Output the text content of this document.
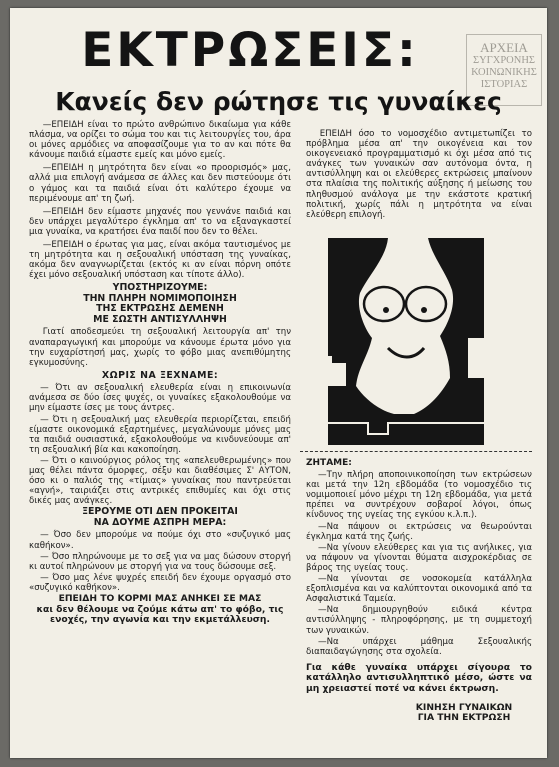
ΕΚΤΡΩΣΕΙΣ:	ΑΡΧΕΙΑ
ΣΥΓΧΡΟΝΗΣ
ΚΟΙΝΩΝΙΚΗΣ
ΙΣΤΟΡΙΑΣ
Κανείς δεν ρώτησε τις γυναίκες

—ΕΠΕΙΔΗ είναι το πρώτο ανθρώπινο δικαίωμα για κάθε πλάσμα, να ορίζει το σώμα του και τις λειτουργίες του, άρα οι μόνες αρμόδιες να αποφασίζουμε για το αν και πότε θα κάνουμε παιδιά είμαστε εμείς και μόνο εμείς.

—ΕΠΕΙΔΗ η μητρότητα δεν είναι «ο προορισμός» μας, αλλά μια επιλογή ανάμεσα σε άλλες και δεν πιστεύουμε ότι ο γάμος και τα παιδιά είναι ότι καλύτερο έχουμε να περιμένουμε απ' τη ζωή.

—ΕΠΕΙΔΗ δεν είμαστε μηχανές που γεννάνε παιδιά και δεν υπάρχει μεγαλύτερο έγκλημα απ' το να εξαναγκαστεί μια γυναίκα, να κρατήσει ένα παιδί που δεν το θέλει.

—ΕΠΕΙΔΗ ο έρωτας για μας, είναι ακόμα ταυτισμένος με τη μητρότητα και η σεξουαλική υπόσταση της γυναίκας, ακόμα δεν αναγνωρίζεται (εκτός κι αν είναι πόρνη οπότε έχει μόνο σεξουαλική υπόσταση και τίποτε άλλο).

ΥΠΟΣΤΗΡΙΖΟΥΜΕ:
ΤΗΝ ΠΛΗΡΗ ΝΟΜΙΜΟΠΟΙΗΣΗ
ΤΗΣ ΕΚΤΡΩΣΗΣ ΔΕΜΕΝΗ
ΜΕ ΣΩΣΤΗ ΑΝΤΙΣΥΛΛΗΨΗ

Γιατί αποδεσμεύει τη σεξουαλική λειτουργία απ' την αναπαραγωγική και μπορούμε να κάνουμε έρωτα μόνο για την ευχαρίστησή μας, χωρίς το φόβο μιας ανεπιθύμητης εγκυμοσύνης.

ΧΩΡΙΣ ΝΑ ΞΕΧΝΑΜΕ:

— Ότι αν σεξουαλική ελευθερία είναι η επικοινωνία ανάμεσα σε δύο ίσες ψυχές, οι γυναίκες εξακολουθούμε να μην είμαστε ίσες με τους άντρες.

— Ότι η σεξουαλική μας ελευθερία περιορίζεται, επειδή είμαστε οικονομικά εξαρτημένες, μεγαλώνουμε μόνες μας τα παιδιά ουσιαστικά, εξακολουθούμε να κινδυνεύουμε απ' τη σεξουαλική βία και κακοποίηση.

— Ότι ο καινούργιος ρόλος της «απελευθερωμένης» που μας θέλει πάντα όμορφες, σέξυ και διαθέσιμες Σ' ΑΥΤΟΝ, όσο κι ο παλιός της «τίμιας» γυναίκας που παντρεύεται «αγνή», ταιριάζει στις αντρικές επιθυμίες και όχι στις δικές μας ανάγκες.

ΞΕΡΟΥΜΕ ΟΤΙ ΔΕΝ ΠΡΟΚΕΙΤΑΙ
ΝΑ ΔΟΥΜΕ ΑΣΠΡΗ ΜΕΡΑ:

— Όσο δεν μπορούμε να πούμε όχι στο «συζυγικό μας καθήκον».

— Όσο πληρώνουμε με το σεξ για να μας δώσουν στοργή κι αυτοί πληρώνουν με στοργή για να τους δώσουμε σεξ.

— Όσο μας λένε ψυχρές επειδή δεν έχουμε οργασμό στο «συζυγικό καθήκον».

ΕΠΕΙΔΗ ΤΟ ΚΟΡΜΙ ΜΑΣ ΑΝΗΚΕΙ ΣΕ ΜΑΣ
και δεν θέλουμε να ζούμε κάτω απ' το φόβο, τις ενοχές, την αγωνία και την εκμετάλλευση.

ΕΠΕΙΔΗ όσο το νομοσχέδιο αντιμετωπίζει το πρόβλημα μέσα απ' την οικογένεια και τον οικογενειακό προγραμματισμό κι όχι μέσα από τις ανάγκες των γυναικών σαν αυτόνομα όντα, η αντισύλληψη και οι ελεύθερες εκτρώσεις μπαίνουν στα πλαίσια της πολιτικής αύξησης ή μείωσης του πληθυσμού ανάλογα με την εκάστοτε κρατική πολιτική, χωρίς πάλι η μητρότητα να είναι ελεύθερη επιλογή.

ΖΗΤΑΜΕ:

—Την πλήρη αποποινικοποίηση των εκτρώσεων και μετά την 12η εβδομάδα (το νομοσχέδιο τις νομιμοποιεί μόνο μέχρι τη 12η εβδομάδα, για μετά πρέπει να συντρέχουν σοβαροί λόγοι, όπως κίνδυνος της υγείας της εγκύου κ.λ.π.).

—Να πάψουν οι εκτρώσεις να θεωρούνται έγκλημα κατά της ζωής.

—Να γίνουν ελεύθερες και για τις ανήλικες, για να πάψουν να γίνονται θύματα αισχροκέρδιας σε βάρος της υγείας τους.

—Να γίνονται σε νοσοκομεία κατάλληλα εξοπλισμένα και να καλύπτονται οικονομικά από τα Ασφαλιστικά Ταμεία.

—Να δημιουργηθούν ειδικά κέντρα αντισύλληψης - πληροφόρησης, με τη συμμετοχή των γυναικών.

—Να υπάρχει μάθημα Σεξουαλικής διαπαιδαγώγησης στα σχολεία.

Για κάθε γυναίκα υπάρχει σίγουρα το κατάλληλο αντισυλληπτικό μέσο, ώστε να μη χρειαστεί ποτέ να κάνει έκτρωση.

ΚΙΝΗΣΗ ΓΥΝΑΙΚΩΝ
ΓΙΑ ΤΗΝ ΕΚΤΡΩΣΗ
